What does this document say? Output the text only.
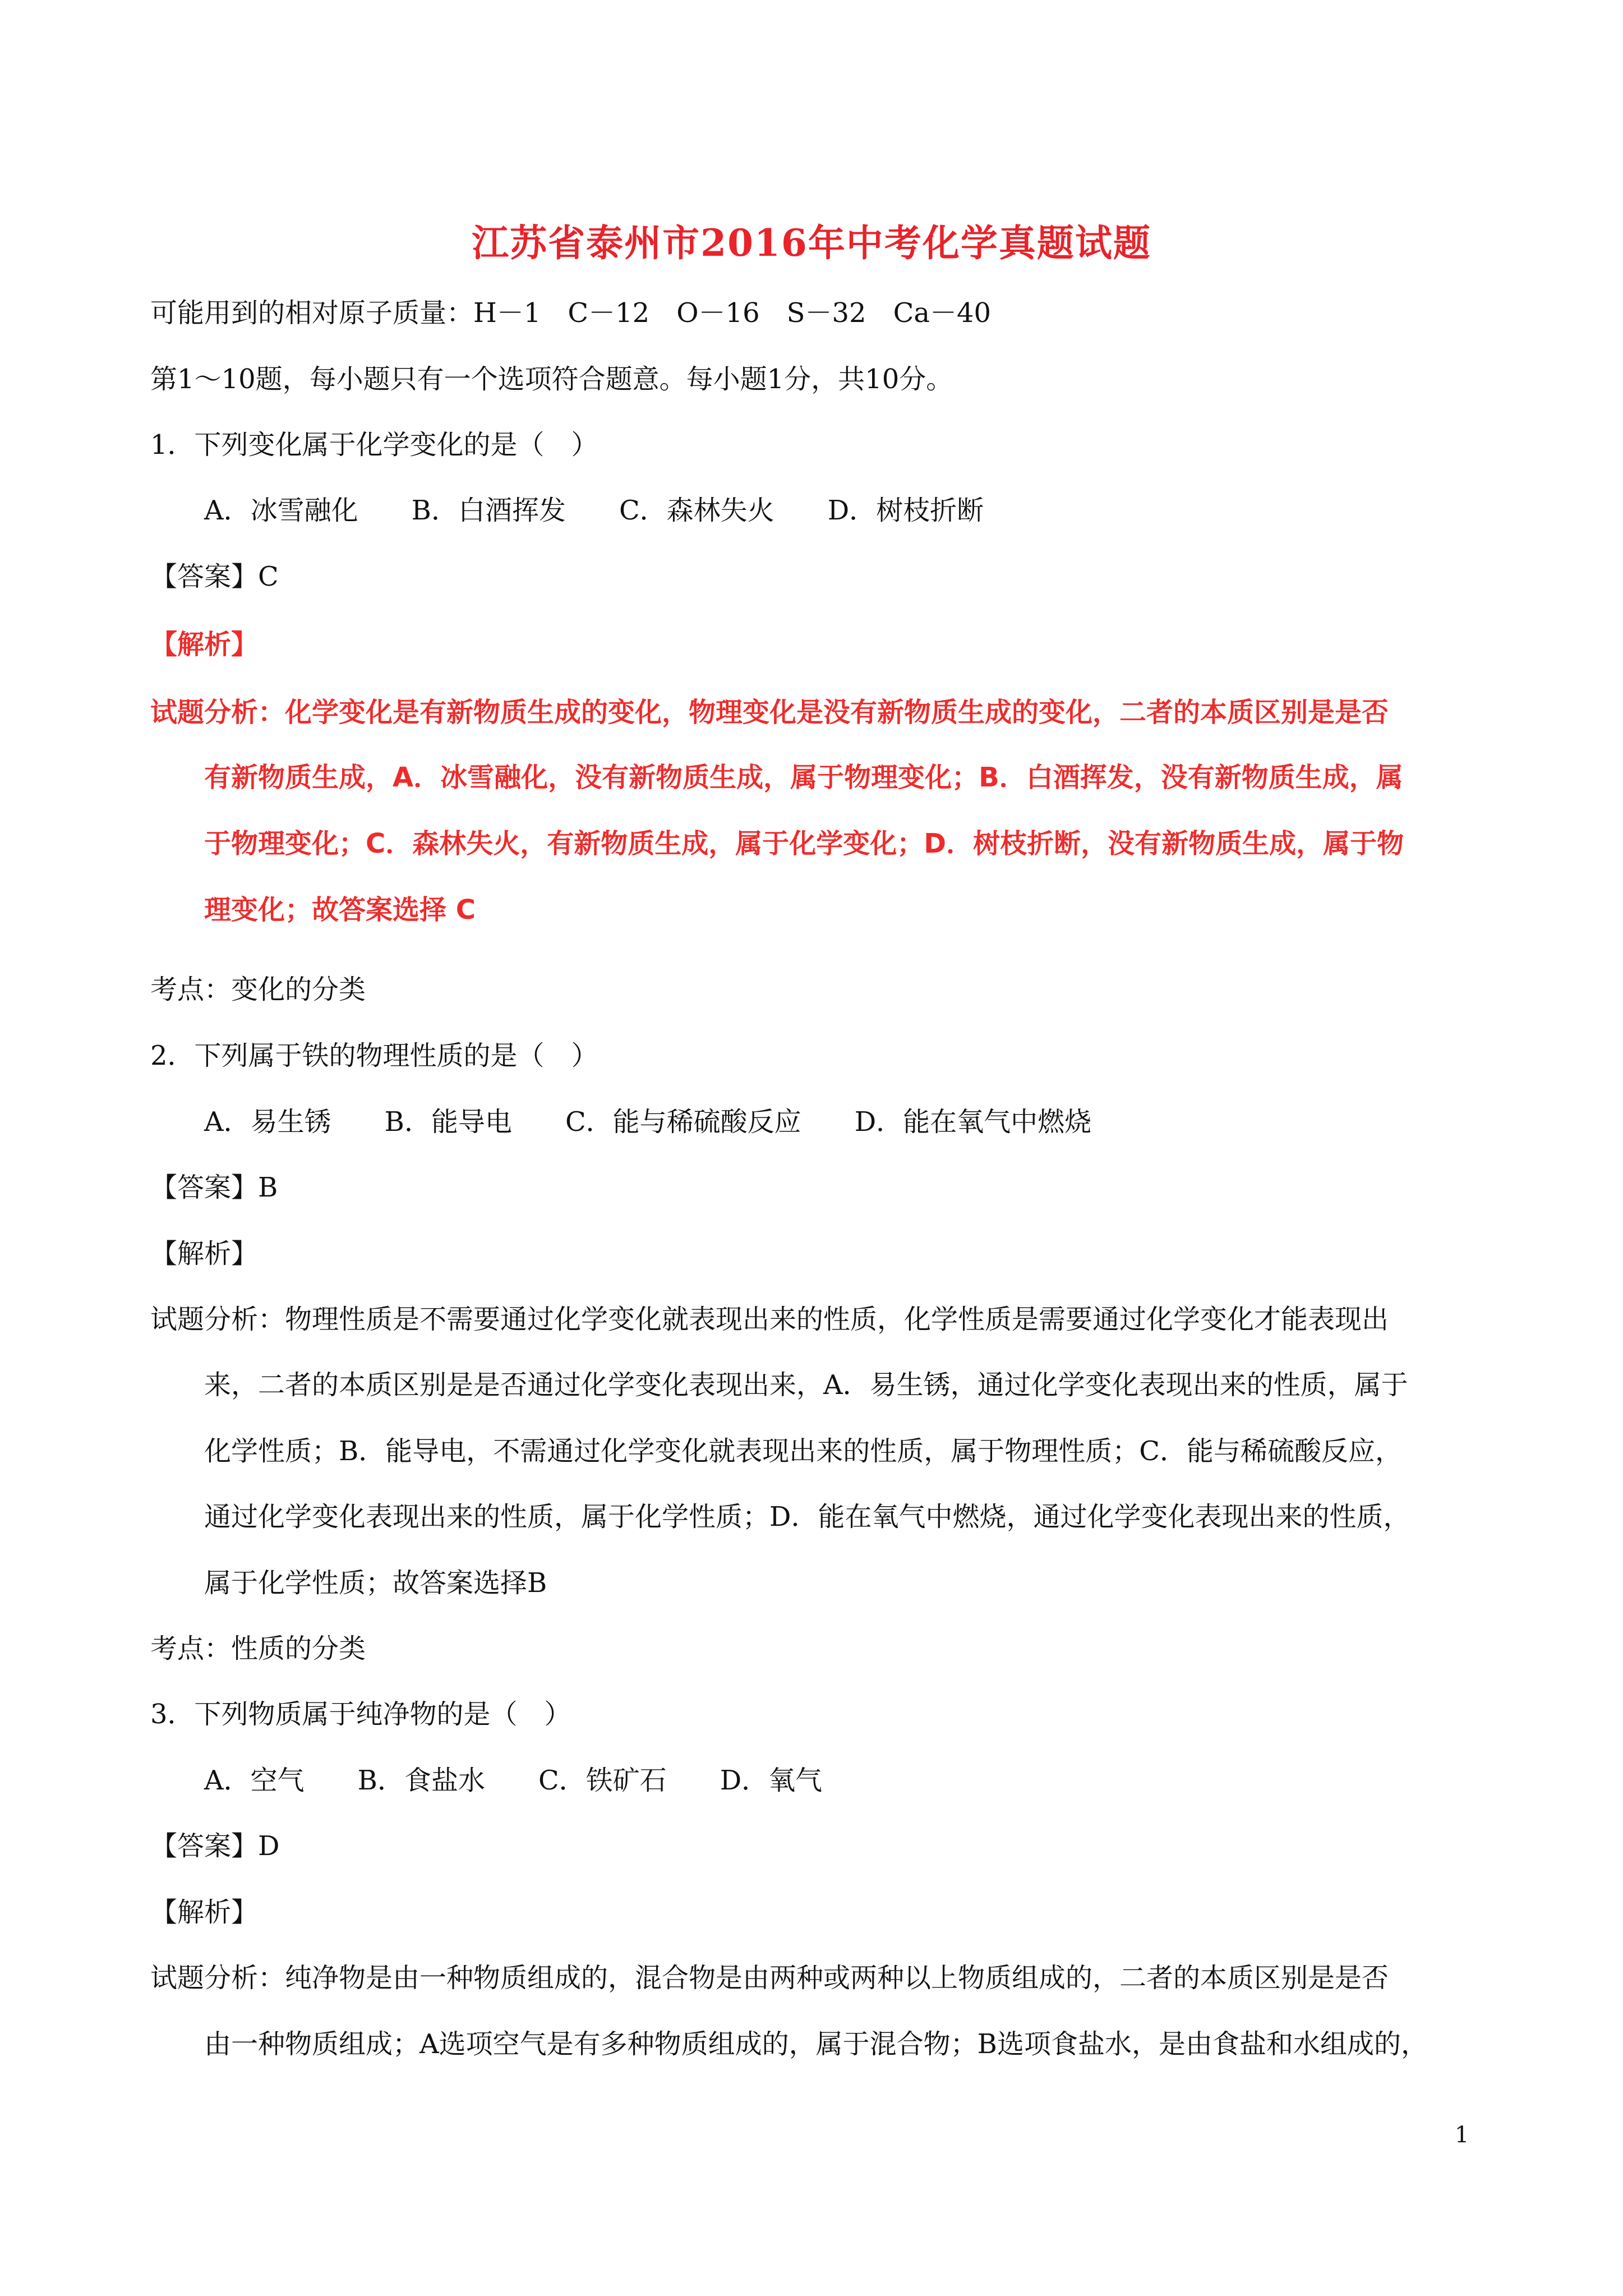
江苏省泰州市2016年中考化学真题试题
可能用到的相对原子质量：H－1　C－12　O－16　S－32　Ca－40
第1～10题，每小题只有一个选项符合题意。每小题1分，共10分。
1．下列变化属于化学变化的是（　）
A．冰雪融化 B．白酒挥发 C．森林失火 D．树枝折断
【答案】C
【解析】
试题分析：化学变化是有新物质生成的变化，物理变化是没有新物质生成的变化，二者的本质区别是是否
有新物质生成，A．冰雪融化，没有新物质生成，属于物理变化；B．白酒挥发，没有新物质生成，属
于物理变化；C．森林失火，有新物质生成，属于化学变化；D．树枝折断，没有新物质生成，属于物
理变化；故答案选择 C
考点：变化的分类
2．下列属于铁的物理性质的是（　）
A．易生锈 B．能导电 C．能与稀硫酸反应 D．能在氧气中燃烧
【答案】B
【解析】
试题分析：物理性质是不需要通过化学变化就表现出来的性质，化学性质是需要通过化学变化才能表现出
来，二者的本质区别是是否通过化学变化表现出来，A．易生锈，通过化学变化表现出来的性质，属于
化学性质；B．能导电，不需通过化学变化就表现出来的性质，属于物理性质；C．能与稀硫酸反应，
通过化学变化表现出来的性质，属于化学性质；D．能在氧气中燃烧，通过化学变化表现出来的性质，
属于化学性质；故答案选择B
考点：性质的分类
3．下列物质属于纯净物的是（　）
A．空气 B．食盐水 C．铁矿石 D．氧气
【答案】D
【解析】
试题分析：纯净物是由一种物质组成的，混合物是由两种或两种以上物质组成的，二者的本质区别是是否
由一种物质组成；A选项空气是有多种物质组成的，属于混合物；B选项食盐水，是由食盐和水组成的，
1
